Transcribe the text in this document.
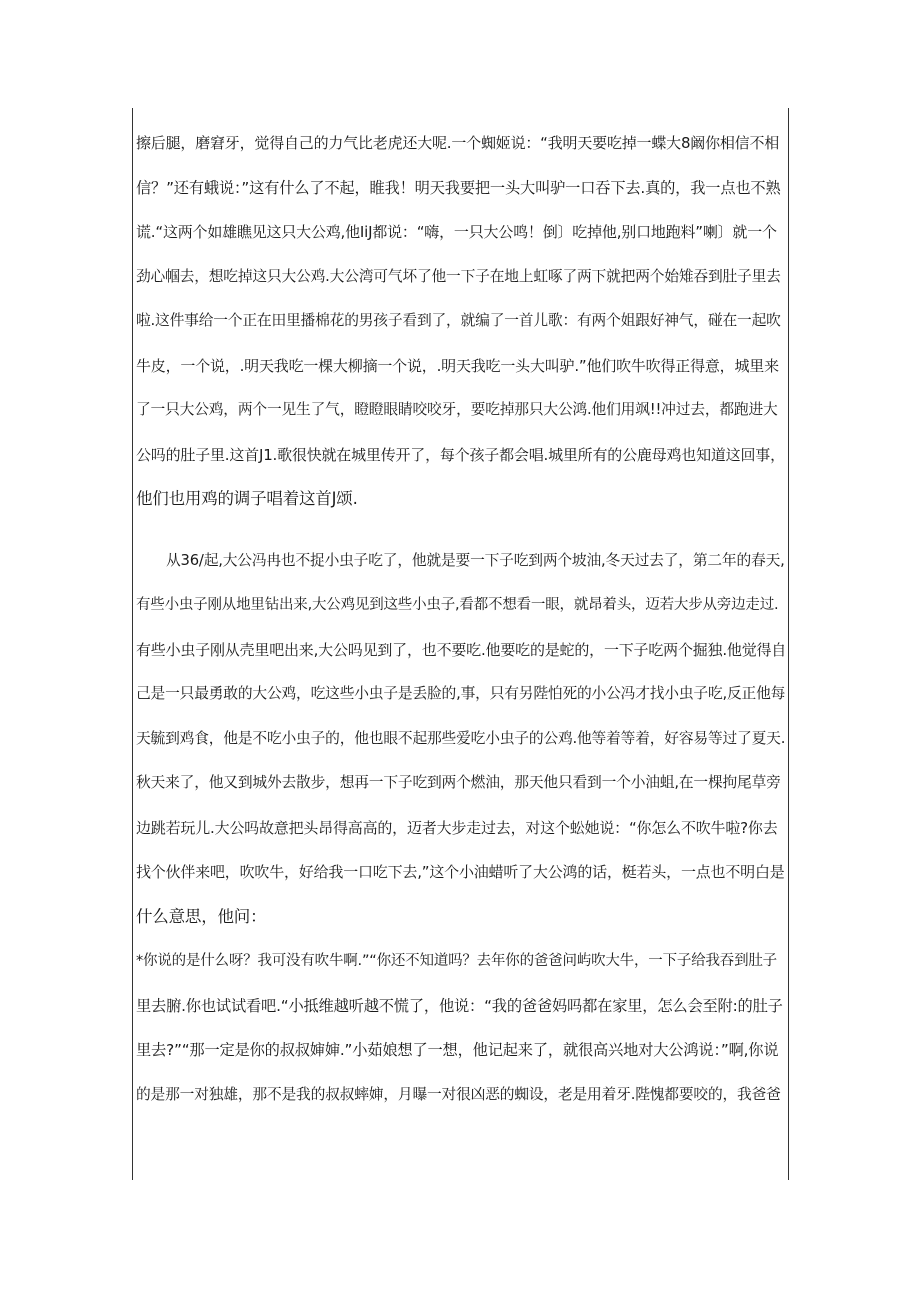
擦后腿，磨窘牙，觉得自己的力气比老虎还大呢.一个蜘姬说：“我明天要吃掉一蝶大8阚你相信不相
信？”还有蛾说：”这有什么了不起，睢我！明天我要把一头大叫驴一口吞下去.真的，我一点也不熟
谎.“这两个如雄瞧见这只大公鸡,他IiJ都说：“嗨，一只大公鸣！倒〕吃掉他,别口地跑料”喇〕就一个
劲心帼去，想吃掉这只大公鸡.大公湾可气坏了他一下子在地上虹啄了两下就把两个始雉吞到肚子里去
啦.这件事给一个正在田里播棉花的男孩子看到了，就编了一首儿歌：有两个姐跟好神气，碰在一起吹
牛皮，一个说，.明天我吃一棵大柳摘一个说，.明天我吃一头大叫驴.”他们吹牛吹得正得意，城里来
了一只大公鸡，两个一见生了气，瞪瞪眼睛咬咬牙，要吃掉那只大公鸿.他们用飒!!冲过去，都跑进大
公吗的肚子里.这首J1.歌很快就在城里传开了，每个孩子都会唱.城里所有的公鹿母鸡也知道这回事，
他们也用鸡的调子唱着这首J颂.
从36/起,大公冯冉也不捉小虫子吃了，他就是要一下子吃到两个坡油,冬天过去了，第二年的春天,
有些小虫子刚从地里钻出来,大公鸡见到这些小虫子,看都不想看一眼，就昂着头，迈若大步从旁边走过.
有些小虫子刚从壳里吧出来,大公吗见到了，也不要吃.他要吃的是蛇的，一下子吃两个掘独.他觉得自
己是一只最勇敢的大公鸡，吃这些小虫子是丢脸的,事，只有另陛怕死的小公冯才找小虫子吃,反正他每
天毓到鸡食，他是不吃小虫子的，他也眼不起那些爱吃小虫子的公鸡.他等着等着，好容易等过了夏天.
秋天来了，他又到城外去散步，想再一下子吃到两个燃油，那天他只看到一个小油蛆,在一棵拘尾草旁
边跳若玩儿.大公吗故意把头昂得高高的，迈者大步走过去，对这个蚣她说：“你怎么不吹牛啦?你去
找个伙伴来吧，吹吹牛，好给我一口吃下去,”这个小油蜡听了大公鸿的话，梃若头，一点也不明白是
什么意思，他问：
*你说的是什么呀？我可没有吹牛啊.”“你还不知道吗？去年你的爸爸问屿吹大牛，一下子给我吞到肚子
里去腑.你也试试看吧.“小抵维越听越不慌了，他说：“我的爸爸妈吗都在家里，怎么会至附:的肚子
里去?”“那一定是你的叔叔婶婶.”小茹娘想了一想，他记起来了，就很高兴地对大公鸿说：”啊,你说
的是那一对独雄，那不是我的叔叔蟀婶，月曝一对很凶恶的蜘设，老是用着牙.陛愧都要咬的，我爸爸
